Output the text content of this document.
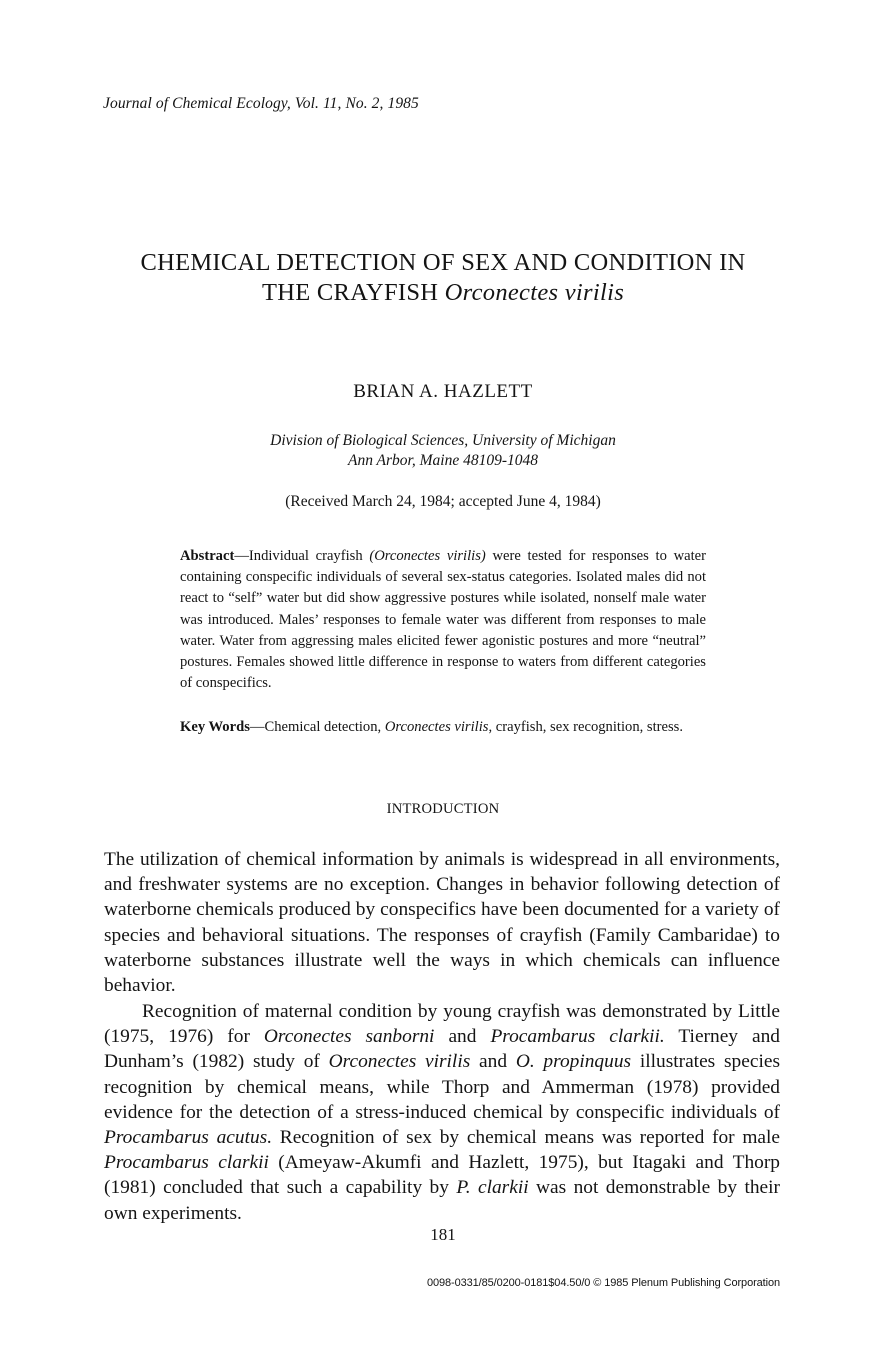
Journal of Chemical Ecology, Vol. 11, No. 2, 1985
CHEMICAL DETECTION OF SEX AND CONDITION IN
THE CRAYFISH Orconectes virilis
BRIAN A. HAZLETT
Division of Biological Sciences, University of Michigan
Ann Arbor, Maine 48109-1048
(Received March 24, 1984; accepted June 4, 1984)
Abstract—Individual crayfish (Orconectes virilis) were tested for responses to water containing conspecific individuals of several sex-status categories. Isolated males did not react to “self” water but did show aggressive postures while isolated, nonself male water was introduced. Males’ responses to female water was different from responses to male water. Water from aggressing males elicited fewer agonistic postures and more “neutral” postures. Females showed little difference in response to waters from different categories of conspecifics.
Key Words—Chemical detection, Orconectes virilis, crayfish, sex recognition, stress.
INTRODUCTION
The utilization of chemical information by animals is widespread in all environments, and freshwater systems are no exception. Changes in behavior following detection of waterborne chemicals produced by conspecifics have been documented for a variety of species and behavioral situations. The responses of crayfish (Family Cambaridae) to waterborne substances illustrate well the ways in which chemicals can influence behavior.
Recognition of maternal condition by young crayfish was demonstrated by Little (1975, 1976) for Orconectes sanborni and Procambarus clarkii. Tierney and Dunham’s (1982) study of Orconectes virilis and O. propinquus illustrates species recognition by chemical means, while Thorp and Ammerman (1978) provided evidence for the detection of a stress-induced chemical by conspecific individuals of Procambarus acutus. Recognition of sex by chemical means was reported for male Procambarus clarkii (Ameyaw-Akumfi and Hazlett, 1975), but Itagaki and Thorp (1981) concluded that such a capability by P. clarkii was not demonstrable by their own experiments.
181
0098-0331/85/0200-0181$04.50/0 © 1985 Plenum Publishing Corporation
